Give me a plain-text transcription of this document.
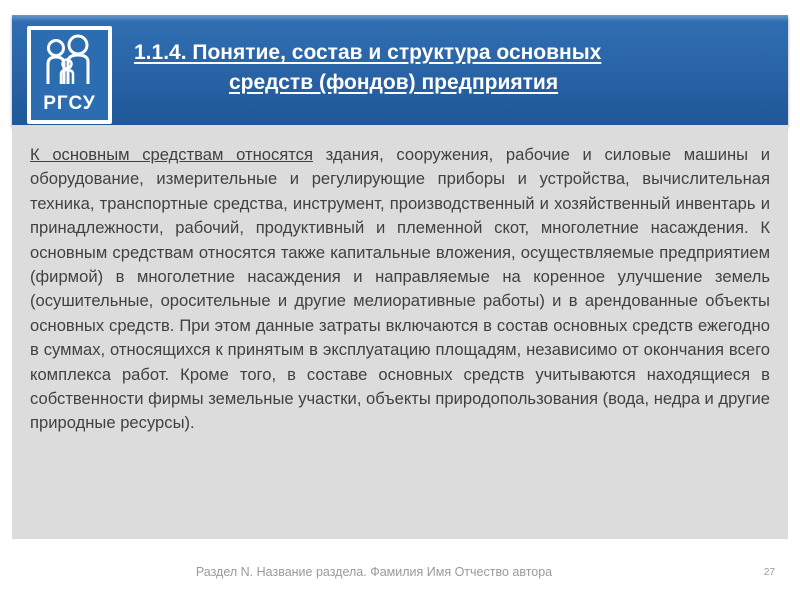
РГСУ
1.1.4. Понятие, состав и структура основных
средств (фондов) предприятия

К основным средствам относятся здания, сооружения, рабочие и силовые машины и оборудование, измерительные и регулирующие приборы и устройства, вычислительная техника, транспортные средства, инструмент, производственный и хозяйственный инвентарь и принадлежности, рабочий, продуктивный и племенной скот, многолетние насаждения. К основным средствам относятся также капитальные вложения, осуществляемые предприятием (фирмой) в многолетние насаждения и направляемые на коренное улучшение земель (осушительные, оросительные и другие мелиоративные работы) и в арендованные объекты основных средств. При этом данные затраты включаются в состав основных средств ежегодно в суммах, относящихся к принятым в эксплуатацию площадям, независимо от окончания всего комплекса работ. Кроме того, в составе основных средств учитываются находящиеся в собственности фирмы земельные участки, объекты природопользования (вода, недра и другие природные ресурсы).

Раздел N. Название раздела. Фамилия Имя Отчество автора	27
